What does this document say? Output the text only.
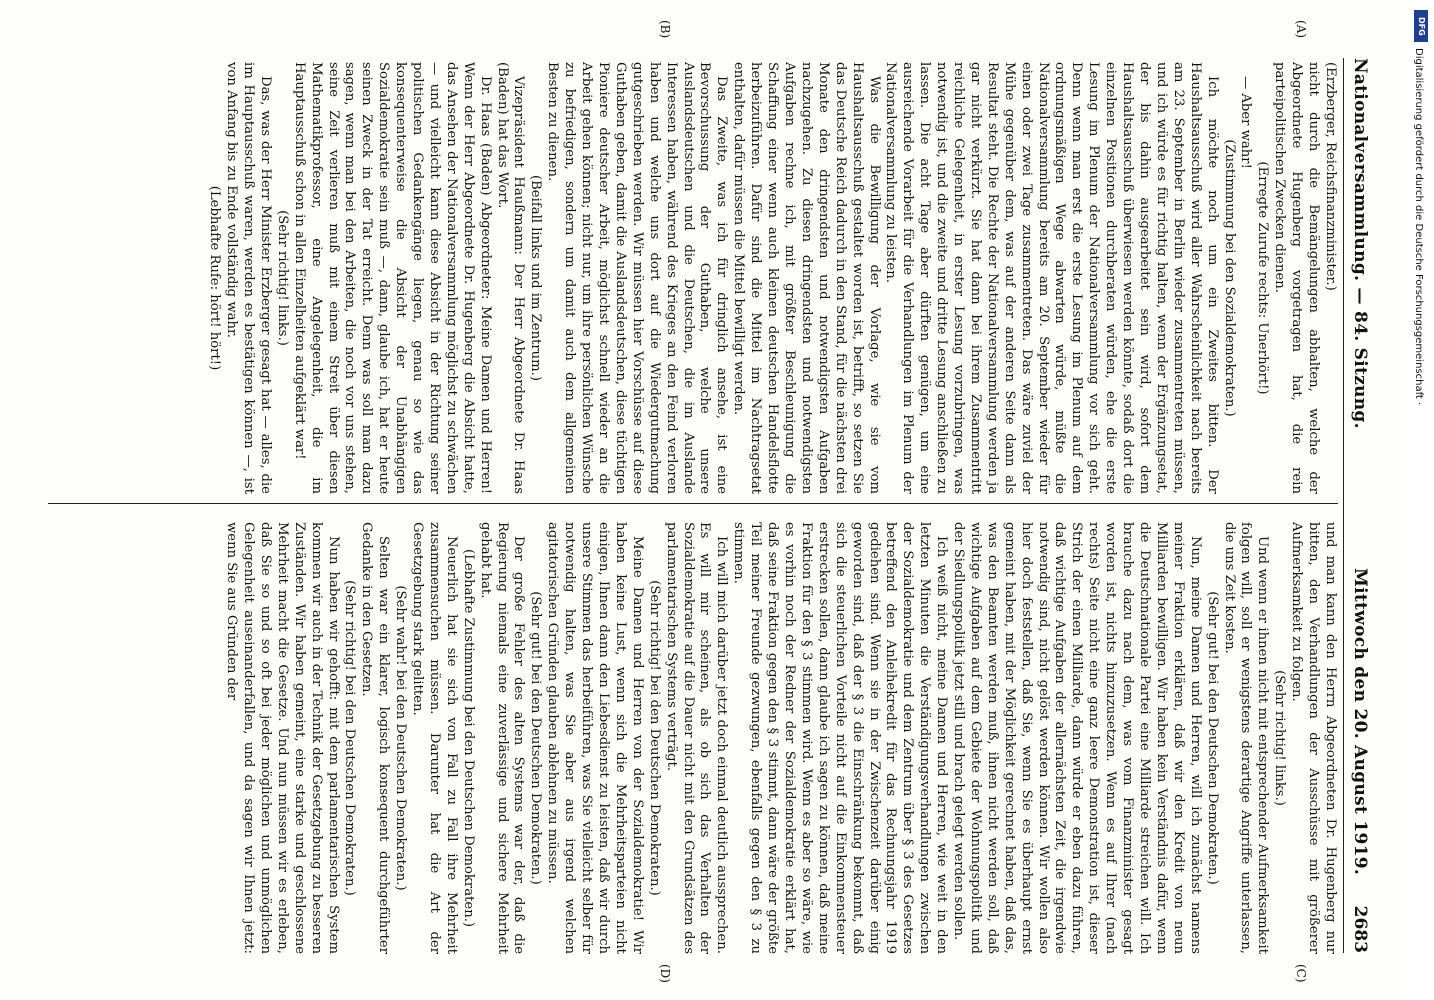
Nationalversammlung. — 84. Sitzung.
Mittwoch den 20. August 1919.
2683
(A)
(B)
(C)
(D)

(Erzberger, Reichsfinanzminister.)

nicht durch die Bemängelungen abhalten, welche der Abgeordnete Hugenberg vorgetragen hat, die rein parteipolitischen Zwecken dienen.

(Erregte Zurufe rechts: Unerhört!)

— Aber wahr!

(Zustimmung bei den Sozialdemokraten.)

Ich möchte noch um ein Zweites bitten. Der Haushaltsausschuß wird aller Wahrscheinlichkeit nach bereits am 23. September in Berlin wieder zusammentreten müssen, und ich würde es für richtig halten, wenn der Ergänzungsetat, der bis dahin ausgearbeitet sein wird, sofort dem Haushaltsausschuß überwiesen werden könnte, sodaß dort die einzelnen Positionen durchberaten würden, ehe die erste Lesung im Plenum der Nationalversammlung vor sich geht. Denn wenn man erst die erste Lesung im Plenum auf dem ordnungsmäßigen Wege abwarten würde, müßte die Nationalversammlung bereits am 20. September wieder für einen oder zwei Tage zusammentreten. Das wäre zuviel der Mühe gegenüber dem, was auf der anderen Seite dann als Resultat steht. Die Rechte der Nationalversammlung werden ja gar nicht verkürzt. Sie hat dann bei ihrem Zusammentritt reichliche Gelegenheit, in erster Lesung vorzubringen, was notwendig ist, und die zweite und dritte Lesung anschließen zu lassen. Die acht Tage aber dürften genügen, um eine ausreichende Vorarbeit für die Verhandlungen im Plenum der Nationalversammlung zu leisten.

Was die Bewilligung der Vorlage, wie sie vom Haushaltsausschuß gestaltet worden ist, betrifft, so setzen Sie das Deutsche Reich dadurch in den Stand, für die nächsten drei Monate den dringendsten und notwendigsten Aufgaben nachzugehen. Zu diesen dringendsten und notwendigsten Aufgaben rechne ich, mit größter Beschleunigung die Schaffung einer wenn auch kleinen deutschen Handelsflotte herbeizuführen. Dafür sind die Mittel im Nachtragsetat enthalten, dafür müssen die Mittel bewilligt werden.

Das Zweite, was ich für dringlich ansehe, ist eine Bevorschussung der Guthaben, welche unsere Auslandsdeutschen und die Deutschen, die im Auslande Interessen haben, während des Krieges an den Feind verloren haben und welche uns dort auf die Wiedergutmachung gutgeschrieben werden. Wir müssen hier Vorschüsse auf diese Guthaben geben, damit die Auslandsdeutschen, diese tüchtigen Pioniere deutscher Arbeit, möglichst schnell wieder an die Arbeit gehen können; nicht nur, um ihre persönlichen Wünsche zu befriedigen, sondern um damit auch dem allgemeinen Besten zu dienen.

(Beifall links und im Zentrum.)

Vizepräsident Haußmann: Der Herr Abgeordnete Dr. Haas (Baden) hat das Wort.

Dr. Haas (Baden) Abgeordneter: Meine Damen und Herren! Wenn der Herr Abgeordnete Dr. Hugenberg die Absicht hatte, das Ansehen der Nationalversammlung möglichst zu schwächen — und vielleicht kann diese Absicht in der Richtung seiner politischen Gedankengänge liegen, genau so wie das konsequenterweise die Absicht der Unabhängigen Sozialdemokratie sein muß —, dann, glaube ich, hat er heute seinen Zweck in der Tat erreicht. Denn was soll man dazu sagen, wenn man bei den Arbeiten, die noch vor uns stehen, seine Zeit verlieren muß mit einem Streit über diesen Mathematikprofessor, eine Angelegenheit, die im Hauptausschuß schon in allen Einzelheiten aufgeklärt war!

(Sehr richtig! links.)

Das, was der Herr Minister Erzberger gesagt hat — alles, die im Hauptausschuß waren, werden es bestätigen können —, ist von Anfang bis zu Ende vollständig wahr.

(Lebhafte Rufe: hört! hört!)

und man kann den Herrn Abgeordneten Dr. Hugenberg nur bitten, den Verhandlungen der Ausschüsse mit größerer Aufmerksamkeit zu folgen.

(Sehr richtig! links.)

Und wenn er ihnen nicht mit entsprechender Aufmerksamkeit folgen will, soll er wenigstens derartige Angriffe unterlassen, die uns Zeit kosten.

(Sehr gut! bei den Deutschen Demokraten.)

Nun, meine Damen und Herren, will ich zunächst namens meiner Fraktion erklären, daß wir den Kredit von neun Milliarden bewilligen. Wir haben kein Verständnis dafür, wenn die Deutschnationale Partei eine Milliarde streichen will. Ich brauche dazu nach dem, was vom Finanzminister gesagt worden ist, nichts hinzuzusetzen. Wenn es auf Ihrer (nach rechts) Seite nicht eine ganz leere Demonstration ist, dieser Strich der einen Milliarde, dann würde er eben dazu führen, daß wichtige Aufgaben der allernächsten Zeit, die irgendwie notwendig sind, nicht gelöst werden können. Wir wollen also hier doch feststellen, daß Sie, wenn Sie es überhaupt ernst gemeint haben, mit der Möglichkeit gerechnet haben, daß das, was den Beamten werden muß, ihnen nicht werden soll, daß wichtige Aufgaben auf dem Gebiete der Wohnungspolitik und der Siedlungspolitik jetzt still und brach gelegt werden sollen.

Ich weiß nicht, meine Damen und Herren, wie weit in den letzten Minuten die Verständigungsverhandlungen zwischen der Sozialdemokratie und dem Zentrum über § 3 des Gesetzes betreffend den Anleihekredit für das Rechnungsjahr 1919 gediehen sind. Wenn sie in der Zwischenzeit darüber einig geworden sind, daß der § 3 die Einschränkung bekommt, daß sich die steuerlichen Vorteile nicht auf die Einkommensteuer erstrecken sollen, dann glaube ich sagen zu können, daß meine Fraktion für den § 3 stimmen wird. Wenn es aber so wäre, wie es vorhin noch der Redner der Sozialdemokratie erklärt hat, daß seine Fraktion gegen den § 3 stimmt, dann wäre der größte Teil meiner Freunde gezwungen, ebenfalls gegen den § 3 zu stimmen.

Ich will mich darüber jetzt doch einmal deutlich aussprechen. Es will mir scheinen, als ob sich das Verhalten der Sozialdemokratie auf die Dauer nicht mit den Grundsätzen des parlamentarischen Systems verträgt.

(Sehr richtig! bei den Deutschen Demokraten.)

Meine Damen und Herren von der Sozialdemokratie! Wir haben keine Lust, wenn sich die Mehrheitsparteien nicht einigen, Ihnen dann den Liebesdienst zu leisten, daß wir durch unsere Stimmen das herbeiführen, was Sie vielleicht selber für notwendig halten, was Sie aber aus irgend welchen agitatorischen Gründen glauben ablehnen zu müssen.

(Sehr gut! bei den Deutschen Demokraten.)

Der große Fehler des alten Systems war der, daß die Regierung niemals eine zuverlässige und sichere Mehrheit gehabt hat.

(Lebhafte Zustimmung bei den Deutschen Demokraten.)

Neuerlich hat sie sich von Fall zu Fall ihre Mehrheit zusammensuchen müssen. Darunter hat die Art der Gesetzgebung stark gelitten.

(Sehr wahr! bei den Deutschen Demokraten.)

Selten war ein klarer, logisch konsequent durchgeführter Gedanke in den Gesetzen.

(Sehr richtig! bei den Deutschen Demokraten.)

Nun haben wir gehofft: mit dem parlamentarischen System kommen wir auch in der Technik der Gesetzgebung zu besseren Zuständen. Wir haben gemeint, eine starke und geschlossene Mehrheit macht die Gesetze. Und nun müssen wir es erleben, daß Sie so und so oft bei jeder möglichen und unmöglichen Gelegenheit auseinanderfallen, und da sagen wir Ihnen jetzt: wenn Sie aus Gründen der

DFG
Digitalisierung gefördert durch die Deutsche Forschungsgemeinschaft ·
